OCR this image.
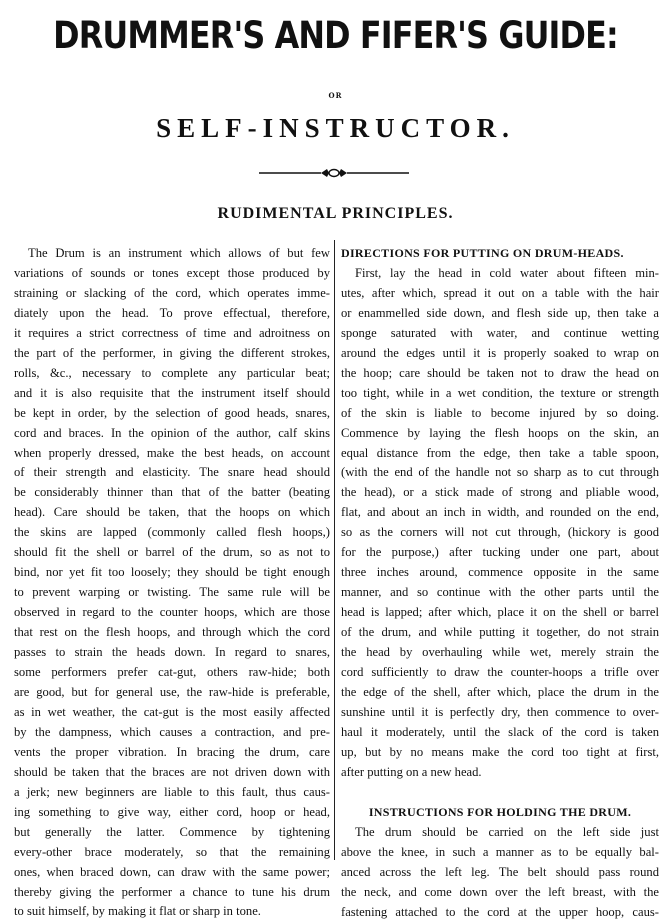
DRUMMER'S AND FIFER'S GUIDE:
OR
SELF-INSTRUCTOR.
RUDIMENTAL PRINCIPLES.
The Drum is an instrument which allows of but few
variations of sounds or tones except those produced by
straining or slacking of the cord, which operates imme-
diately upon the head. To prove effectual, therefore,
it requires a strict correctness of time and adroitness on
the part of the performer, in giving the different strokes,
rolls, &c., necessary to complete any particular beat;
and it is also requisite that the instrument itself should
be kept in order, by the selection of good heads, snares,
cord and braces. In the opinion of the author, calf skins
when properly dressed, make the best heads, on account
of their strength and elasticity. The snare head should
be considerably thinner than that of the batter (beating
head). Care should be taken, that the hoops on which
the skins are lapped (commonly called flesh hoops,)
should fit the shell or barrel of the drum, so as not to
bind, nor yet fit too loosely; they should be tight enough
to prevent warping or twisting. The same rule will be
observed in regard to the counter hoops, which are those
that rest on the flesh hoops, and through which the cord
passes to strain the heads down. In regard to snares,
some performers prefer cat-gut, others raw-hide; both
are good, but for general use, the raw-hide is preferable,
as in wet weather, the cat-gut is the most easily affected
by the dampness, which causes a contraction, and pre-
vents the proper vibration. In bracing the drum, care
should be taken that the braces are not driven down with
a jerk; new beginners are liable to this fault, thus caus-
ing something to give way, either cord, hoop or head,
but generally the latter. Commence by tightening
every-other brace moderately, so that the remaining
ones, when braced down, can draw with the same power;
thereby giving the performer a chance to tune his drum
to suit himself, by making it flat or sharp in tone.
DIRECTIONS FOR PUTTING ON DRUM-HEADS.
First, lay the head in cold water about fifteen min-
utes, after which, spread it out on a table with the hair
or enammelled side down, and flesh side up, then take a
sponge saturated with water, and continue wetting
around the edges until it is properly soaked to wrap on
the hoop; care should be taken not to draw the head on
too tight, while in a wet condition, the texture or strength
of the skin is liable to become injured by so doing.
Commence by laying the flesh hoops on the skin, an
equal distance from the edge, then take a table spoon,
(with the end of the handle not so sharp as to cut through
the head), or a stick made of strong and pliable wood,
flat, and about an inch in width, and rounded on the end,
so as the corners will not cut through, (hickory is good
for the purpose,) after tucking under one part, about
three inches around, commence opposite in the same
manner, and so continue with the other parts until the
head is lapped; after which, place it on the shell or barrel
of the drum, and while putting it together, do not strain
the head by overhauling while wet, merely strain the
cord sufficiently to draw the counter-hoops a trifle over
the edge of the shell, after which, place the drum in the
sunshine until it is perfectly dry, then commence to over-
haul it moderately, until the slack of the cord is taken
up, but by no means make the cord too tight at first,
after putting on a new head.
INSTRUCTIONS FOR HOLDING THE DRUM.
The drum should be carried on the left side just
above the knee, in such a manner as to be equally bal-
anced across the left leg. The belt should pass round
the neck, and come down over the left breast, with the
fastening attached to the cord at the upper hoop, caus-
